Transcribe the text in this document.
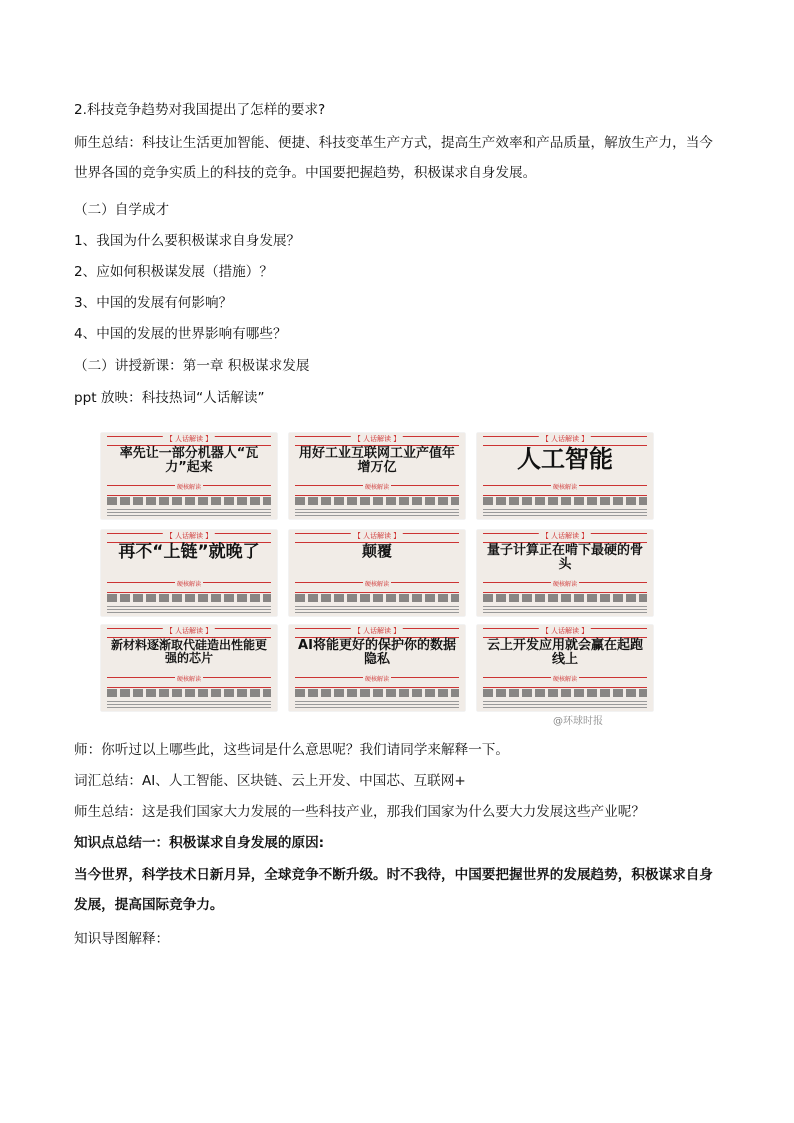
2.科技竞争趋势对我国提出了怎样的要求?
师生总结：科技让生活更加智能、便捷、科技变革生产方式，提高生产效率和产品质量，解放生产力，当今世界各国的竞争实质上的科技的竞争。中国要把握趋势，积极谋求自身发展。
（二）自学成才
1、我国为什么要积极谋求自身发展？
2、应如何积极谋发展（措施）？
3、中国的发展有何影响？
4、中国的发展的世界影响有哪些？
（二）讲授新课：第一章 积极谋求发展
ppt 放映：科技热词“人话解读”
【 人话解读 】
率先让一部分机器人“瓦力”起来
硬核解读
【 人话解读 】
用好工业互联网工业产值年增万亿
硬核解读
【 人话解读 】
人工智能
硬核解读
【 人话解读 】
再不“上链”就晚了
硬核解读
【 人话解读 】
颠覆
硬核解读
【 人话解读 】
量子计算正在啃下最硬的骨头
硬核解读
【 人话解读 】
新材料逐渐取代硅造出性能更强的芯片
硬核解读
【 人话解读 】
AI将能更好的保护你的数据隐私
硬核解读
【 人话解读 】
云上开发应用就会赢在起跑线上
硬核解读
@环球时报
师：你听过以上哪些此，这些词是什么意思呢？我们请同学来解释一下。
词汇总结：AI、人工智能、区块链、云上开发、中国芯、互联网+
师生总结：这是我们国家大力发展的一些科技产业，那我们国家为什么要大力发展这些产业呢？
知识点总结一：积极谋求自身发展的原因:
当今世界，科学技术日新月异，全球竞争不断升级。时不我待，中国要把握世界的发展趋势，积极谋求自身发展，提高国际竞争力。
知识导图解释：
